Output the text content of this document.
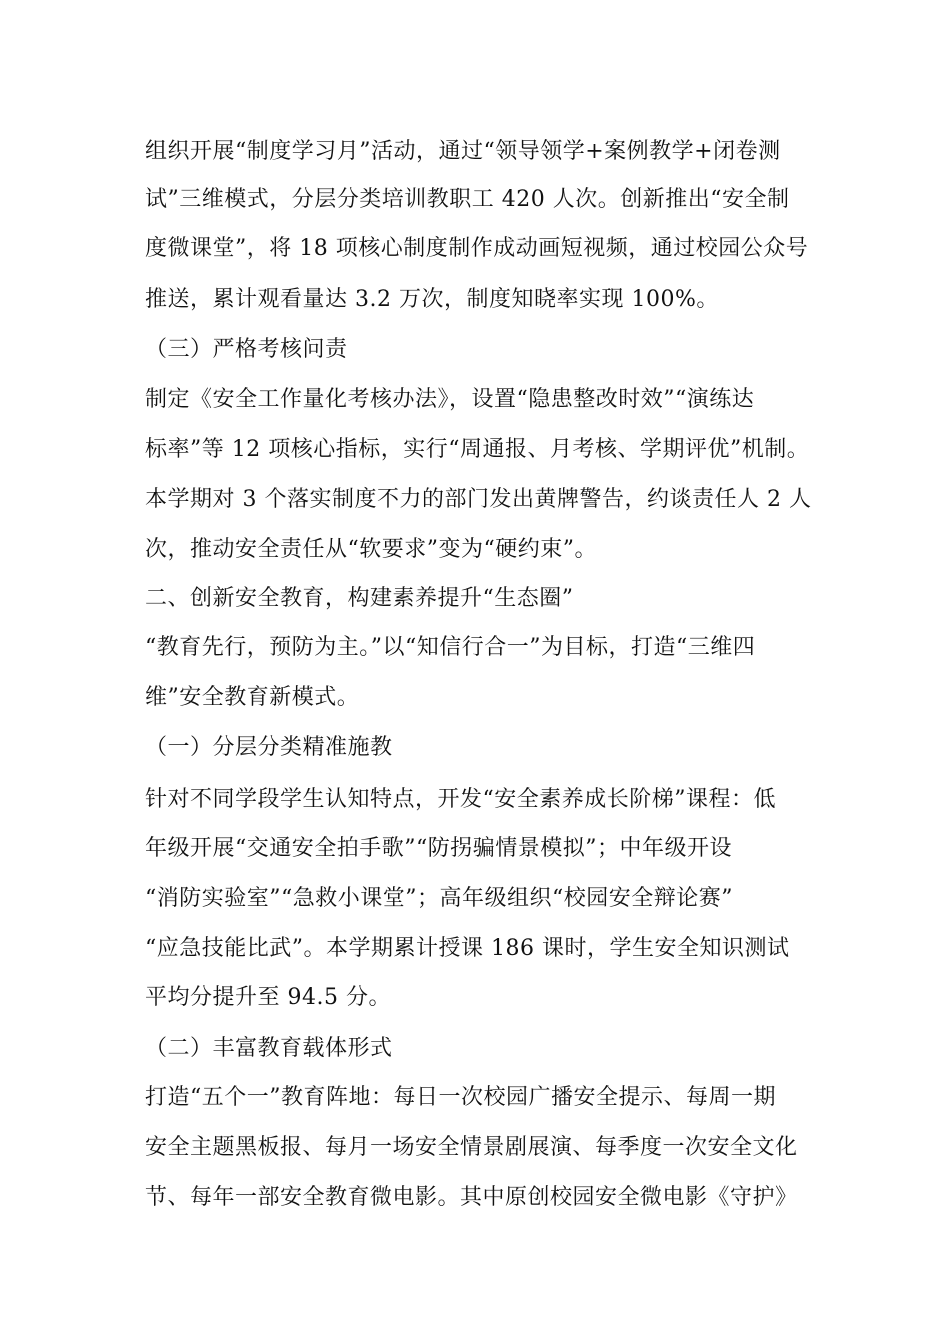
组织开展“制度学习月”活动，通过“领导领学+案例教学+闭卷测
试”三维模式，分层分类培训教职工 420 人次。创新推出“安全制
度微课堂”，将 18 项核心制度制作成动画短视频，通过校园公众号
推送，累计观看量达 3.2 万次，制度知晓率实现 100%。
（三）严格考核问责
制定《安全工作量化考核办法》，设置“隐患整改时效”“演练达
标率”等 12 项核心指标，实行“周通报、月考核、学期评优”机制。
本学期对 3 个落实制度不力的部门发出黄牌警告，约谈责任人 2 人
次，推动安全责任从“软要求”变为“硬约束”。
二、创新安全教育，构建素养提升“生态圈”
“教育先行，预防为主。”以“知信行合一”为目标，打造“三维四
维”安全教育新模式。
（一）分层分类精准施教
针对不同学段学生认知特点，开发“安全素养成长阶梯”课程：低
年级开展“交通安全拍手歌”“防拐骗情景模拟”；中年级开设
“消防实验室”“急救小课堂”；高年级组织“校园安全辩论赛”
“应急技能比武”。本学期累计授课 186 课时，学生安全知识测试
平均分提升至 94.5 分。
（二）丰富教育载体形式
打造“五个一”教育阵地：每日一次校园广播安全提示、每周一期
安全主题黑板报、每月一场安全情景剧展演、每季度一次安全文化
节、每年一部安全教育微电影。其中原创校园安全微电影《守护》
